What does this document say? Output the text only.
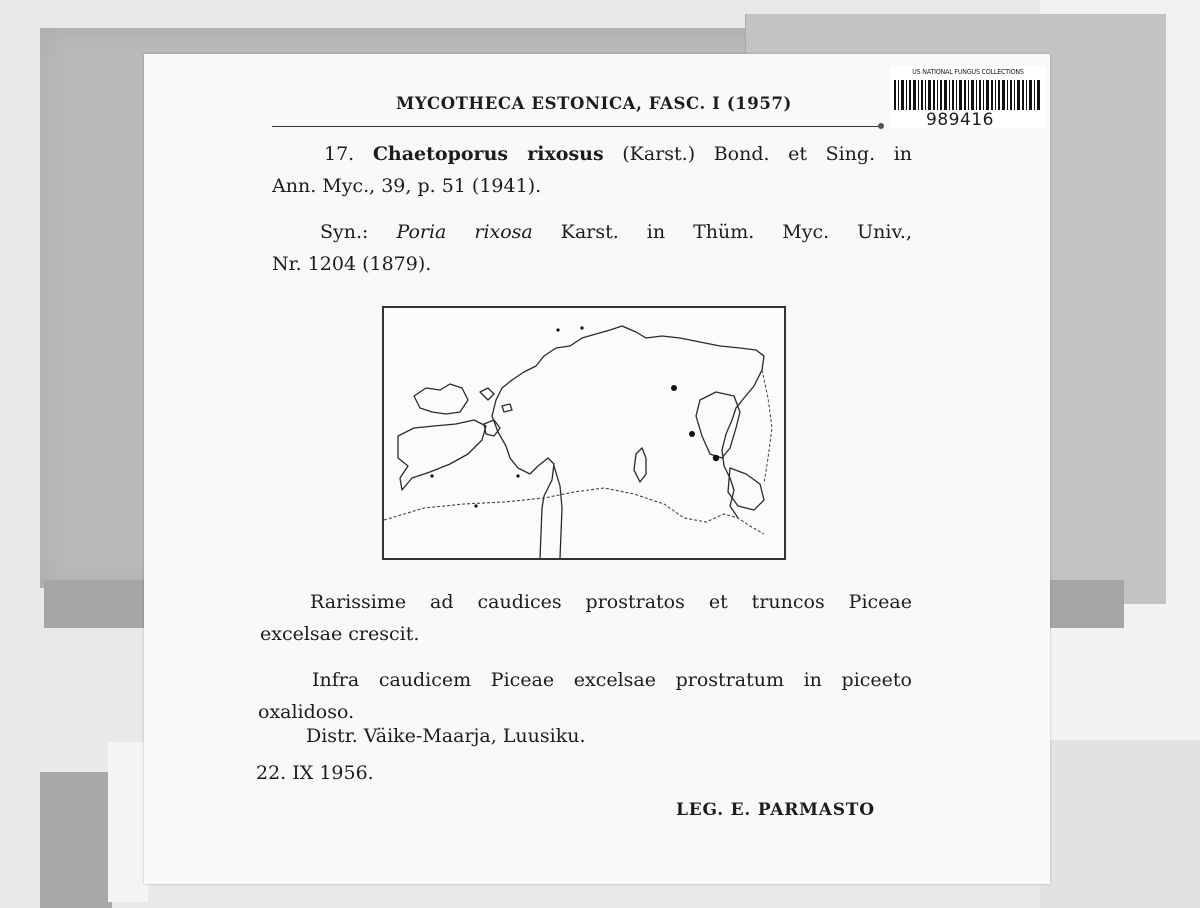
MYCOTHECA ESTONICA, FASC. I (1957)
US NATIONAL FUNGUS COLLECTIONS
989416
17. Chaetoporus rixosus (Karst.) Bond. et Sing. in
Ann. Myc., 39, p. 51 (1941).
Syn.: Poria rixosa Karst. in Thüm. Myc. Univ.,
Nr. 1204 (1879).
Rarissime ad caudices prostratos et truncos Piceae
excelsae crescit.
Infra caudicem Piceae excelsae prostratum in piceeto
oxalidoso.
Distr. Väike-Maarja, Luusiku.
22. IX 1956.
LEG. E. PARMASTO
